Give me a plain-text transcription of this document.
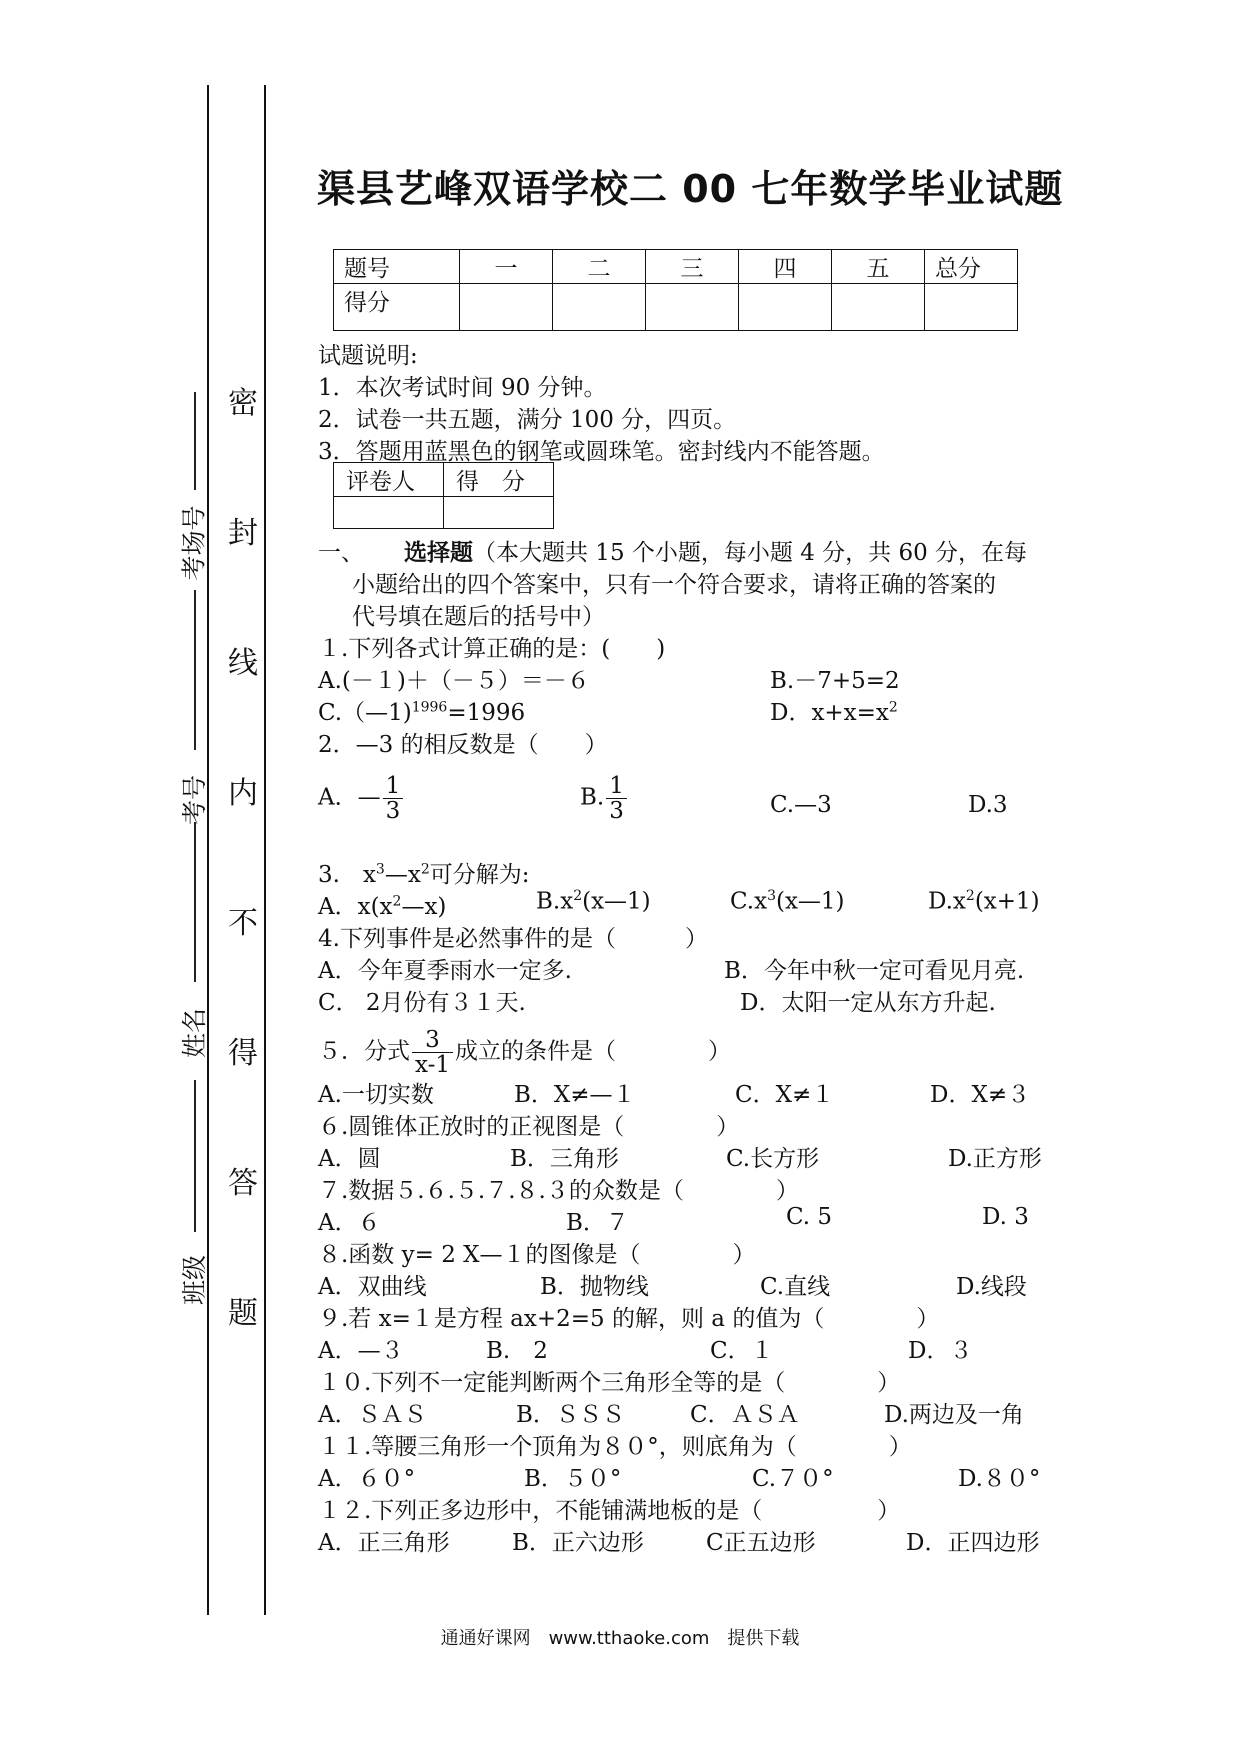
考场号
考号
姓名
班级
密
封
线
内
不
得
答
题
渠县艺峰双语学校二 00 七年数学毕业试题
题号	一	二	三	四	五	总分
得分						
试题说明:
1．本次考试时间 90 分钟。
2．试卷一共五题，满分 100 分，四页。
3．答题用蓝黑色的钢笔或圆珠笔。密封线内不能答题。
评卷人	得　分

一、 选择题（本大题共 15 个小题，每小题 4 分，共 60 分，在每
小题给出的四个答案中，只有一个符合要求，请将正确的答案的
代号填在题后的括号中）
１.下列各式计算正确的是：(　　)
A.(－１)＋（－５）＝－６	B.－7+5=2
C.（—1)$^{1996}$=1996	D．$x+x=x^2$
2．—3 的相反数是（　　）
A．— $\frac{1}{3}$	B. $\frac{1}{3}$	C.—3	D.3
3.　$x^3—x^2$可分解为:
A．$x(x^2—x)$	$B.x^2(x—1)$	$C.x^3(x—1)$	$D.x^2(x+1)$
4.下列事件是必然事件的是（　　　）
A．今年夏季雨水一定多.	B．今年中秋一定可看见月亮.
C． 2月份有３１天.	D．太阳一定从东方升起.
５．分式 $\frac{3}{x-1}$ 成立的条件是（　　　　）
A.一切实数	B．X≠—１	C．X≠１	D．X≠３
６.圆锥体正放时的正视图是（　　　　）
A．圆	B．三角形	C.长方形	D.正方形
７.数据５.６.５.７.８.３的众数是（　　　　）
A．６	B．７	C. 5	D. 3
８.函数 y= 2 X—１的图像是（　　　　）
A．双曲线	B．抛物线	C.直线	D.线段
９.若 x=１是方程 ax+2=5 的解，则 a 的值为（　　　　）
A．—３	B.　2	C．１	D．３
１０.下列不一定能判断两个三角形全等的是（　　　　）
A．ＳＡＳ	B．ＳＳＳ	C．ＡＳＡ	D.两边及一角
１１.等腰三角形一个顶角为８０°，则底角为（　　　　）
A．６０°	B．５０°	C.７０°	D.８０°
１２.下列正多边形中，不能铺满地板的是（　　　　　）
A．正三角形	B．正六边形	C正五边形	D．正四边形
通通好课网　www.tthaoke.com　提供下载
